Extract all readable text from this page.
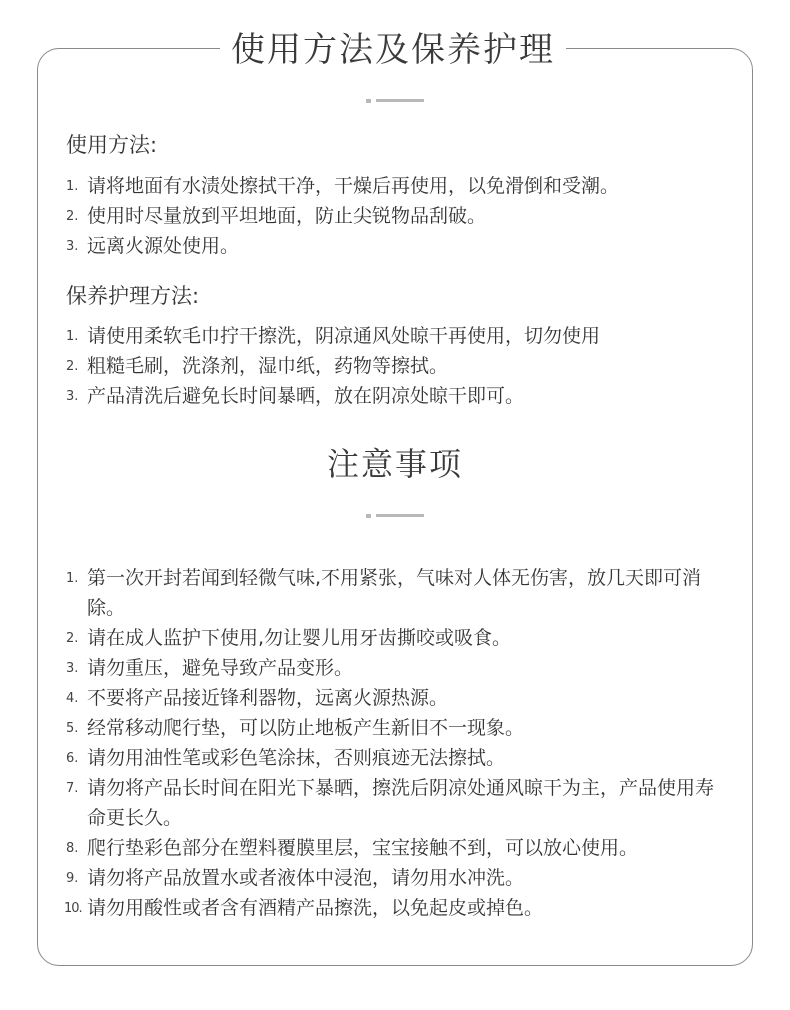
使用方法及保养护理
使用方法:
1. 请将地面有水渍处擦拭干净，干燥后再使用，以免滑倒和受潮。
2. 使用时尽量放到平坦地面，防止尖锐物品刮破。
3. 远离火源处使用。
保养护理方法:
1. 请使用柔软毛巾拧干擦洗，阴凉通风处晾干再使用，切勿使用
2. 粗糙毛刷，洗涤剂，湿巾纸，药物等擦拭。
3. 产品清洗后避免长时间暴晒，放在阴凉处晾干即可。
注意事项
1. 第一次开封若闻到轻微气味,不用紧张，气味对人体无伤害，放几天即可消除。
2. 请在成人监护下使用,勿让婴儿用牙齿撕咬或吸食。
3. 请勿重压，避免导致产品变形。
4. 不要将产品接近锋利器物，远离火源热源。
5. 经常移动爬行垫，可以防止地板产生新旧不一现象。
6. 请勿用油性笔或彩色笔涂抹，否则痕迹无法擦拭。
7. 请勿将产品长时间在阳光下暴晒，擦洗后阴凉处通风晾干为主，产品使用寿命更长久。
8. 爬行垫彩色部分在塑料覆膜里层，宝宝接触不到，可以放心使用。
9. 请勿将产品放置水或者液体中浸泡，请勿用水冲洗。
10. 请勿用酸性或者含有酒精产品擦洗，以免起皮或掉色。
